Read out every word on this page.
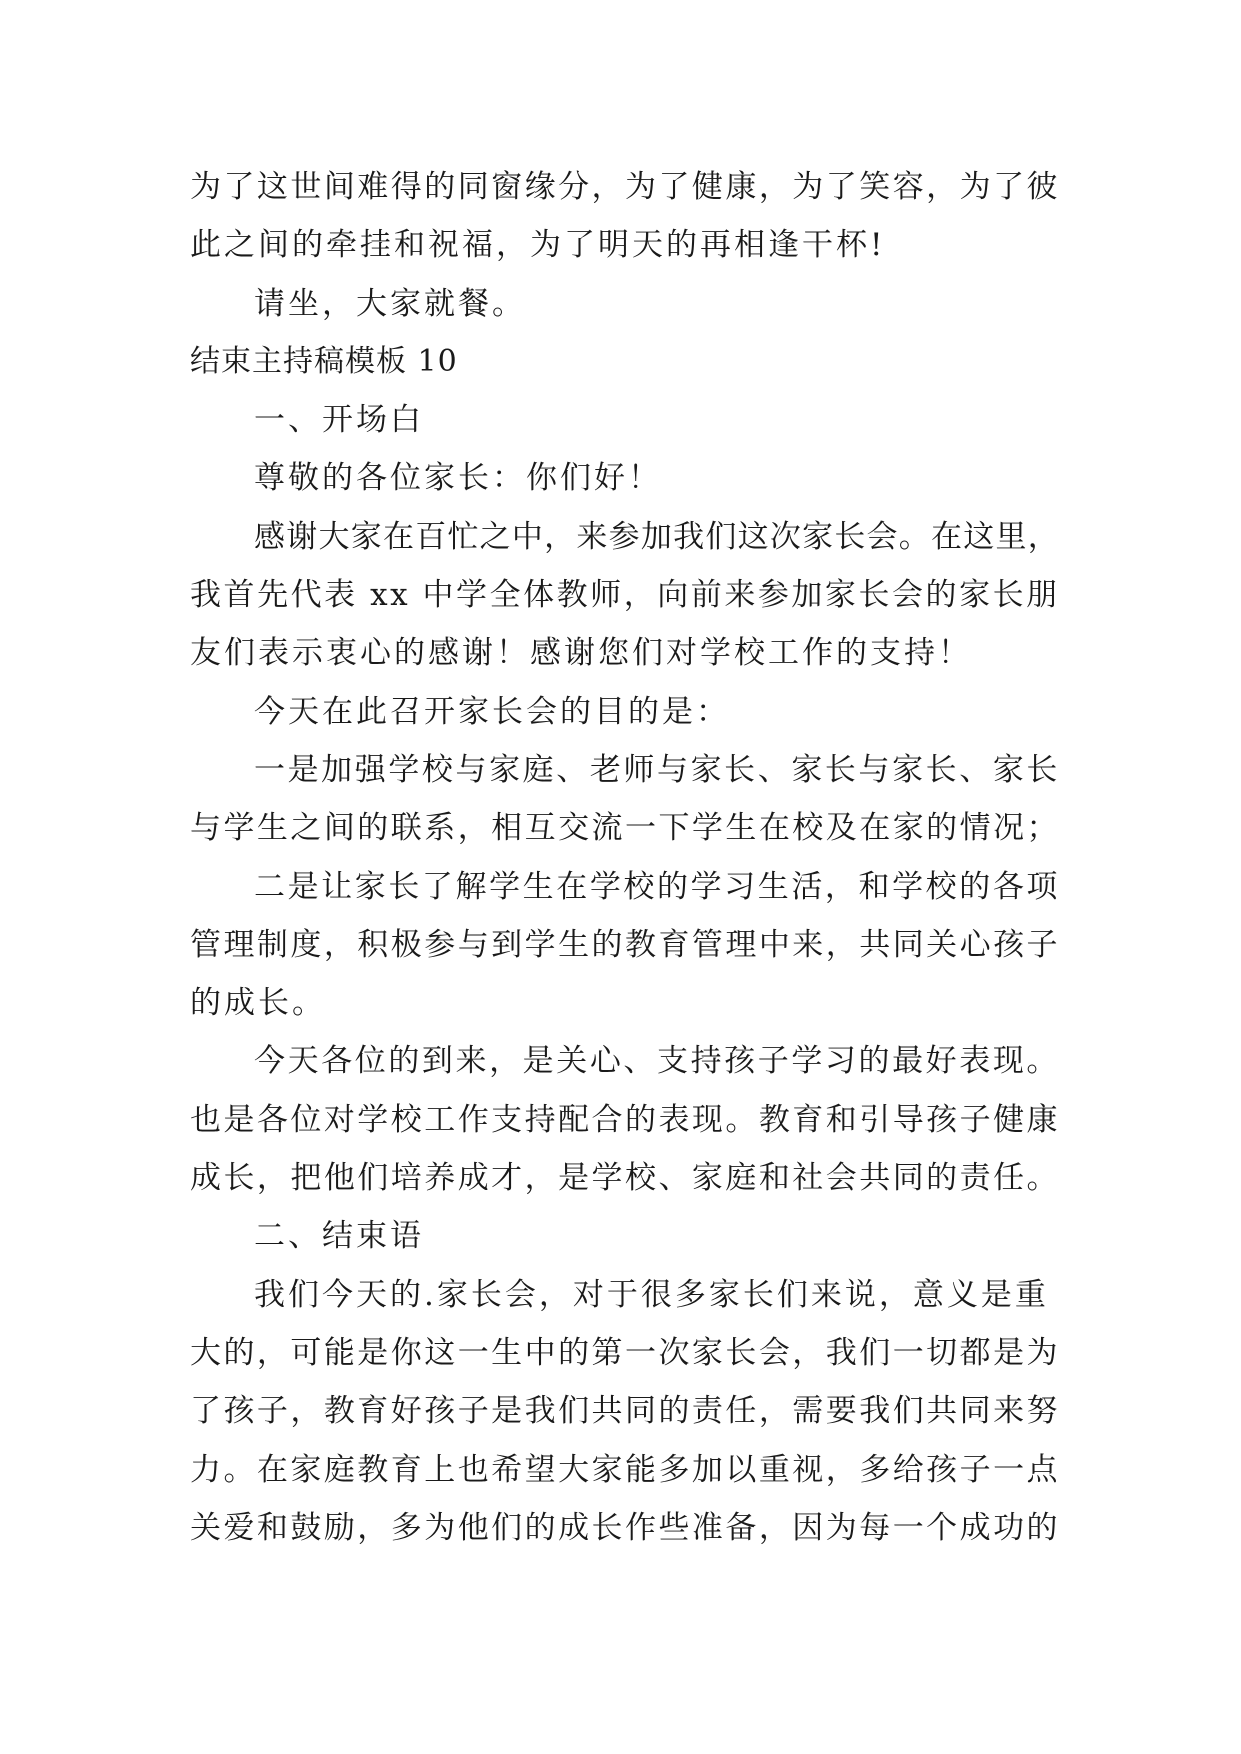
为了这世间难得的同窗缘分，为了健康，为了笑容，为了彼
此之间的牵挂和祝福，为了明天的再相逢干杯!
请坐，大家就餐。
结束主持稿模板 10
一、开场白
尊敬的各位家长：你们好！
感谢大家在百忙之中，来参加我们这次家长会。在这里，
我首先代表 xx 中学全体教师，向前来参加家长会的家长朋
友们表示衷心的感谢！感谢您们对学校工作的支持！
今天在此召开家长会的目的是：
一是加强学校与家庭、老师与家长、家长与家长、家长
与学生之间的联系，相互交流一下学生在校及在家的情况；
二是让家长了解学生在学校的学习生活，和学校的各项
管理制度，积极参与到学生的教育管理中来，共同关心孩子
的成长。
今天各位的到来，是关心、支持孩子学习的最好表现。
也是各位对学校工作支持配合的表现。教育和引导孩子健康
成长，把他们培养成才，是学校、家庭和社会共同的责任。
二、结束语
我们今天的.家长会，对于很多家长们来说，意义是重
大的，可能是你这一生中的第一次家长会，我们一切都是为
了孩子，教育好孩子是我们共同的责任，需要我们共同来努
力。在家庭教育上也希望大家能多加以重视，多给孩子一点
关爱和鼓励，多为他们的成长作些准备，因为每一个成功的
